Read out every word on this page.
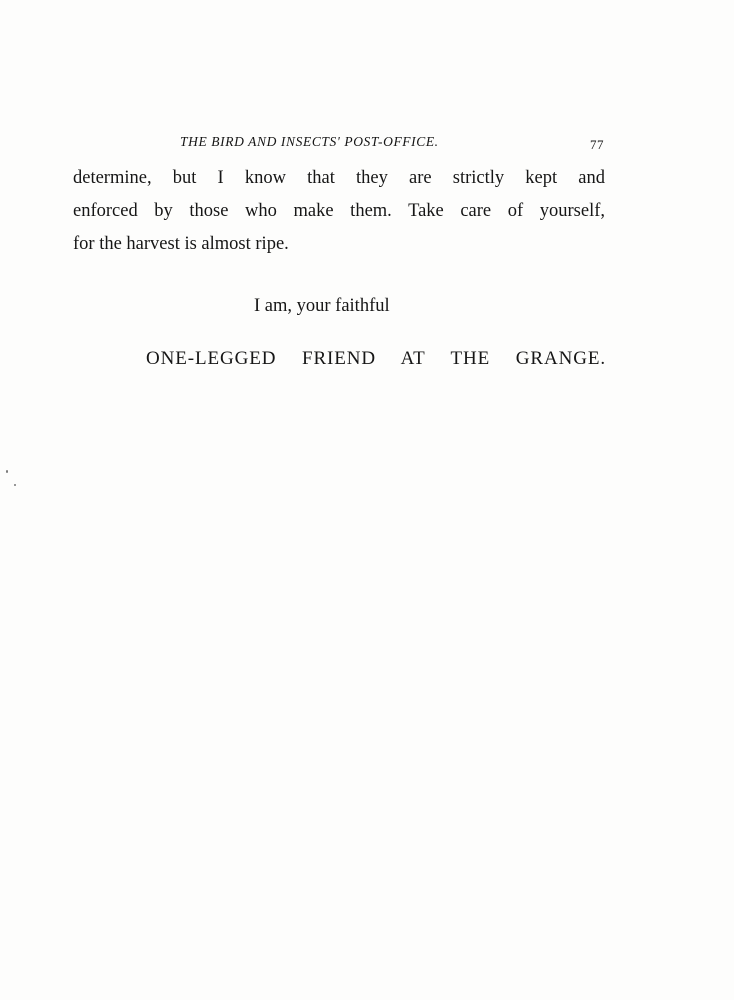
THE BIRD AND INSECTS' POST-OFFICE.	77
determine, but I know that they are strictly kept and
enforced by those who make them. Take care of yourself,
for the harvest is almost ripe.
I am, your faithful
ONE-LEGGED FRIEND AT THE GRANGE.
